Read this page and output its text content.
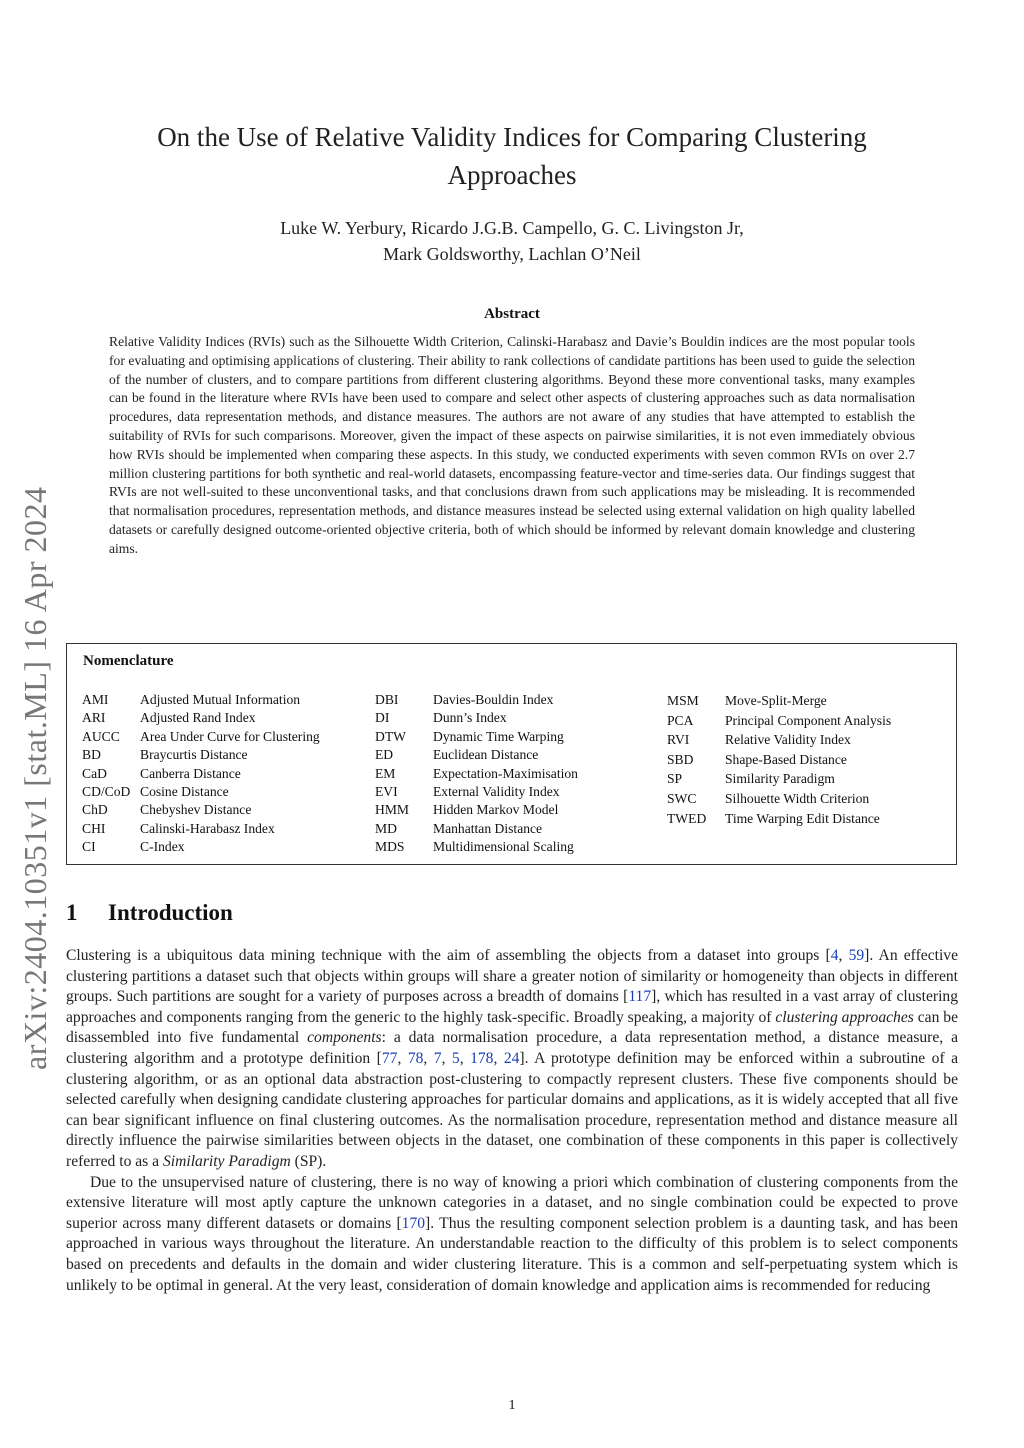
arXiv:2404.10351v1 [stat.ML] 16 Apr 2024
On the Use of Relative Validity Indices for Comparing Clustering
Approaches
Luke W. Yerbury, Ricardo J.G.B. Campello, G. C. Livingston Jr,
Mark Goldsworthy, Lachlan O’Neil
Abstract
Relative Validity Indices (RVIs) such as the Silhouette Width Criterion, Calinski-Harabasz and Davie’s Bouldin indices are the most popular tools for evaluating and optimising applications of clustering. Their ability to rank collections of candidate partitions has been used to guide the selection of the number of clusters, and to compare partitions from different clustering algorithms. Beyond these more conventional tasks, many examples can be found in the literature where RVIs have been used to compare and select other aspects of clustering approaches such as data normalisation procedures, data representation methods, and distance measures. The authors are not aware of any studies that have attempted to establish the suitability of RVIs for such comparisons. Moreover, given the impact of these aspects on pairwise similarities, it is not even immediately obvious how RVIs should be implemented when comparing these aspects. In this study, we conducted experiments with seven common RVIs on over 2.7 million clustering partitions for both synthetic and real-world datasets, encompassing feature-vector and time-series data. Our findings suggest that RVIs are not well-suited to these unconventional tasks, and that conclusions drawn from such applications may be misleading. It is recommended that normalisation procedures, representation methods, and distance measures instead be selected using external validation on high quality labelled datasets or carefully designed outcome-oriented objective criteria, both of which should be informed by relevant domain knowledge and clustering aims.
Nomenclature
AMI	Adjusted Mutual Information
ARI	Adjusted Rand Index
AUCC	Area Under Curve for Clustering
BD	Braycurtis Distance
CaD	Canberra Distance
CD/CoD Cosine Distance
ChD	Chebyshev Distance
CHI	Calinski-Harabasz Index
CI	C-Index
DBI	Davies-Bouldin Index
DI	Dunn’s Index
DTW	Dynamic Time Warping
ED	Euclidean Distance
EM	Expectation-Maximisation
EVI	External Validity Index
HMM	Hidden Markov Model
MD	Manhattan Distance
MDS	Multidimensional Scaling
MSM	Move-Split-Merge
PCA	Principal Component Analysis
RVI	Relative Validity Index
SBD	Shape-Based Distance
SP	Similarity Paradigm
SWC	Silhouette Width Criterion
TWED	Time Warping Edit Distance
1 Introduction

Clustering is a ubiquitous data mining technique with the aim of assembling the objects from a dataset into groups [4, 59]. An effective clustering partitions a dataset such that objects within groups will share a greater notion of similarity or homogeneity than objects in different groups. Such partitions are sought for a variety of purposes across a breadth of domains [117], which has resulted in a vast array of clustering approaches and components ranging from the generic to the highly task-specific. Broadly speaking, a majority of clustering approaches can be disassembled into five fundamental components: a data normalisation procedure, a data representation method, a distance measure, a clustering algorithm and a prototype definition [77, 78, 7, 5, 178, 24]. A prototype definition may be enforced within a subroutine of a clustering algorithm, or as an optional data abstraction post-clustering to compactly represent clusters. These five components should be selected carefully when designing candidate clustering approaches for particular domains and applications, as it is widely accepted that all five can bear significant influence on final clustering outcomes. As the normalisation procedure, representation method and distance measure all directly influence the pairwise similarities between objects in the dataset, one combination of these components in this paper is collectively referred to as a Similarity Paradigm (SP).

Due to the unsupervised nature of clustering, there is no way of knowing a priori which combination of clustering components from the extensive literature will most aptly capture the unknown categories in a dataset, and no single combination could be expected to prove superior across many different datasets or domains [170]. Thus the resulting component selection problem is a daunting task, and has been approached in various ways throughout the literature. An understandable reaction to the difficulty of this problem is to select components based on precedents and defaults in the domain and wider clustering literature. This is a common and self-perpetuating system which is unlikely to be optimal in general. At the very least, consideration of domain knowledge and application aims is recommended for reducing

1
